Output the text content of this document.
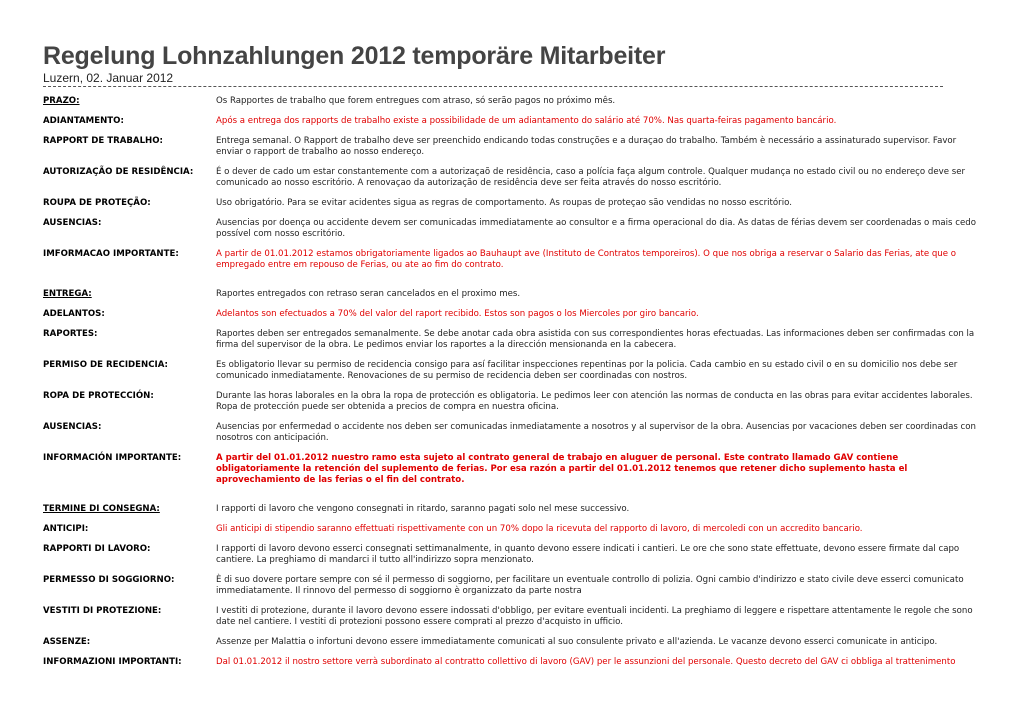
Regelung Lohnzahlungen 2012 temporäre Mitarbeiter
Luzern, 02. Januar 2012
PRAZO:	Os Rapportes de trabalho que forem entregues com atraso, só serão pagos no próximo mês.
ADIANTAMENTO:	Após a entrega dos rapports de trabalho existe a possibilidade de um adiantamento do salário até 70%. Nas quarta-feiras pagamento bancário.
RAPPORT DE TRABALHO:	Entrega semanal. O Rapport de trabalho deve ser preenchido endicando todas construções e a duraçao do trabalho. Também è necessário a assinaturado supervisor. Favor enviar o rapport de trabalho ao nosso endereço.
AUTORIZAÇÃO DE RESIDÊNCIA:	É o dever de cado um estar constantemente com a autorizaçaõ de residência, caso a polícia faça algum controle. Qualquer mudança no estado civil ou no endereço deve ser comunicado ao nosso escritório. A renovaçao da autorização de residência deve ser feita através do nosso escritório.
ROUPA DE PROTEÇÃO:	Uso obrigatório. Para se evitar acidentes sigua as regras de comportamento. As roupas de proteçao são vendidas no nosso escritório.
AUSENCIAS:	Ausencias por doença ou accidente devem ser comunicadas immediatamente ao consultor e a firma operacional do dia. As datas de férias devem ser coordenadas o mais cedo possível com nosso escritório.
IMFORMACAO IMPORTANTE:	A partir de 01.01.2012 estamos obrigatoriamente ligados ao Bauhaupt ave (Instituto de Contratos temporeiros). O que nos obriga a reservar o Salario das Ferias, ate que o empregado entre em repouso de Ferias, ou ate ao fim do contrato.
ENTREGA:	Raportes entregados con retraso seran cancelados en el proximo mes.
ADELANTOS:	Adelantos son efectuados a 70% del valor del raport recibido. Estos son pagos o los Miercoles por giro bancario.
RAPORTES:	Raportes deben ser entregados semanalmente. Se debe anotar cada obra asistida con sus correspondientes horas efectuadas. Las informaciones deben ser confirmadas con la firma del supervisor de la obra. Le pedimos enviar los raportes a la dirección mensionanda en la cabecera.
PERMISO DE RECIDENCIA:	Es obligatorio llevar su permiso de recidencia consigo para así facilitar inspecciones repentinas por la policia. Cada cambio en su estado civil o en su domicilio nos debe ser comunicado inmediatamente. Renovaciones de su permiso de recidencia deben ser coordinadas con nostros.
ROPA DE PROTECCIÓN:	Durante las horas laborales en la obra la ropa de protección es obligatoria. Le pedimos leer con atención las normas de conducta en las obras para evitar accidentes laborales. Ropa de protección puede ser obtenida a precios de compra en nuestra oficina.
AUSENCIAS:	Ausencias por enfermedad o accidente nos deben ser comunicadas inmediatamente a nosotros y al supervisor de la obra. Ausencias por vacaciones deben ser coordinadas con nosotros con anticipación.
INFORMACIÓN IMPORTANTE:	A partir del 01.01.2012 nuestro ramo esta sujeto al contrato general de trabajo en aluguer de personal. Este contrato llamado GAV contiene obligatoriamente la retención del suplemento de ferias. Por esa razón a partir del 01.01.2012 tenemos que retener dicho suplemento hasta el aprovechamiento de las ferias o el fin del contrato.
TERMINE DI CONSEGNA:	I rapporti di lavoro che vengono consegnati in ritardo, saranno pagati solo nel mese successivo.
ANTICIPI:	Gli anticipi di stipendio saranno effettuati rispettivamente con un 70% dopo la ricevuta del rapporto di lavoro, di mercoledi con un accredito bancario.
RAPPORTI DI LAVORO:	I rapporti di lavoro devono esserci consegnati settimanalmente, in quanto devono essere indicati i cantieri. Le ore che sono state effettuate, devono essere firmate dal capo cantiere. La preghiamo di mandarci il tutto all'indirizzo sopra menzionato.
PERMESSO DI SOGGIORNO:	È di suo dovere portare sempre con sé il permesso di soggiorno, per facilitare un eventuale controllo di polizia. Ogni cambio d'indirizzo e stato civile deve esserci comunicato immediatamente. Il rinnovo del permesso di soggiorno è organizzato da parte nostra
VESTITI DI PROTEZIONE:	I vestiti di protezione, durante il lavoro devono essere indossati d'obbligo, per evitare eventuali incidenti. La preghiamo di leggere e rispettare attentamente le regole che sono date nel cantiere. I vestiti di protezioni possono essere comprati al prezzo d'acquisto in ufficio.
ASSENZE:	Assenze per Malattia o infortuni devono essere immediatamente comunicati al suo consulente privato e all'azienda. Le vacanze devono esserci comunicate in anticipo.
INFORMAZIONI IMPORTANTI:	Dal 01.01.2012 il nostro settore verrà subordinato al contratto collettivo di lavoro (GAV) per le assunzioni del personale. Questo decreto del GAV ci obbliga al trattenimento
